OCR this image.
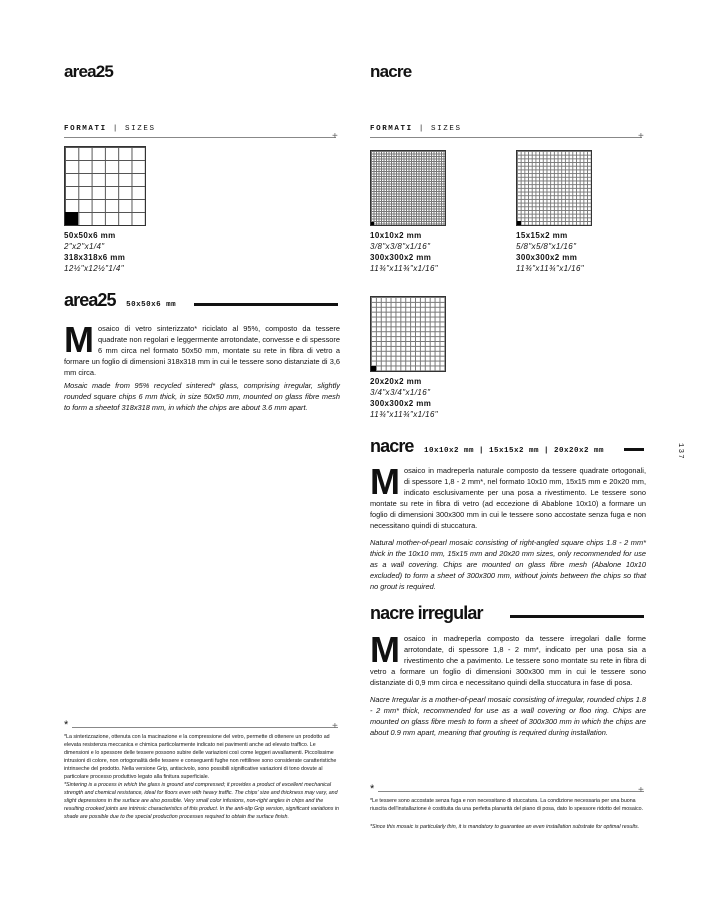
area25
FORMATI | SIZES
+
50x50x6 mm
2"x2"x1/4"
318x318x6 mm
12½"x12½"1/4"
area25 50x50x6 mm
Mosaico di vetro sinterizzato* riciclato al 95%, composto da tessere quadrate non regolari e leggermente arrotondate, convesse e di spessore 6 mm circa nel formato 50x50 mm, montate su rete in fibra di vetro a formare un foglio di dimensioni 318x318 mm in cui le tessere sono distanziate di 3,6 mm circa.
Mosaic made from 95% recycled sintered* glass, comprising irregular, slightly rounded square chips 6 mm thick, in size 50x50 mm, mounted on glass fibre mesh to form a sheetof 318x318 mm, in which the chips are about 3.6 mm apart.
*	+
*La sinterizzazione, ottenuta con la macinazione e la compressione del vetro, permette di ottenere un prodotto ad elevata resistenza meccanica e chimica particolarmente indicato nei pavimenti anche ad elevato traffico. Le dimensioni e lo spessore delle tessere possono subire delle variazioni così come leggeri avvallamenti. Piccolissime intrusioni di colore, non ortogonalità delle tessere e conseguenti fughe non rettilinee sono considerate caratteristiche intrinseche del prodotto. Nella versione Grip, antiscivolo, sono possibili significative variazioni di tono dovute al particolare processo produttivo legato alla finitura superficiale.
*Sintering is a process in which the glass is ground and compressed; it provides a product of excellent mechanical strength and chemical resistance, ideal for floors even with heavy traffic. The chips' size and thickness may vary, and slight depressions in the surface are also possible. Very small color infusions, non-right angles in chips and the resulting crooked joints are intrinsic characteristics of this product. In the anti-slip Grip version, significant variations in shade are possible due to the special production processes required to obtain the surface finish.
nacre
FORMATI | SIZES
+
10x10x2 mm
3/8"x3/8"x1/16"
300x300x2 mm
11¾"x11¾"x1/16"
15x15x2 mm
5/8"x5/8"x1/16"
300x300x2 mm
11¾"x11¾"x1/16"
20x20x2 mm
3/4"x3/4"x1/16"
300x300x2 mm
11¾"x11¾"x1/16"
nacre 10x10x2 mm | 15x15x2 mm | 20x20x2 mm	137
Mosaico in madreperla naturale composto da tessere quadrate ortogonali, di spessore 1,8 - 2 mm*, nel formato 10x10 mm, 15x15 mm e 20x20 mm, indicato esclusivamente per una posa a rivestimento. Le tessere sono montate su rete in fibra di vetro (ad eccezione di Abablone 10x10) a formare un foglio di dimensioni 300x300 mm in cui le tessere sono accostate senza fuga e non necessitano quindi di stuccatura.
Natural mother-of-pearl mosaic consisting of right-angled square chips 1.8 - 2 mm* thick in the 10x10 mm, 15x15 mm and 20x20 mm sizes, only recommended for use as a wall covering. Chips are mounted on glass fibre mesh (Abalone 10x10 excluded) to form a sheet of 300x300 mm, without joints between the chips so that no grout is required.
nacre irregular
Mosaico in madreperla composto da tessere irregolari dalle forme arrotondate, di spessore 1,8 - 2 mm*, indicato per una posa sia a rivestimento che a pavimento. Le tessere sono montate su rete in fibra di vetro a formare un foglio di dimensioni 300x300 mm in cui le tessere sono distanziate di 0,9 mm circa e necessitano quindi della stuccatura in fase di posa.
Nacre Irregular is a mother-of-pearl mosaic consisting of irregular, rounded chips 1.8 - 2 mm* thick, recommended for use as a wall covering or floo ring. Chips are mounted on glass fibre mesh to form a sheet of 300x300 mm in which the chips are about 0.9 mm apart, meaning that grouting is required during installation.
*	+
*Le tessere sono accostate senza fuga e non necessitano di stuccatura. La condizione necessaria per una buona riuscita dell'installazione è costituita da una perfetta planarità del piano di posa, dato lo spessore ridotto del mosaico.
*Since this mosaic is particularly thin, it is mandatory to guarantee an even installation substrate for optimal results.
